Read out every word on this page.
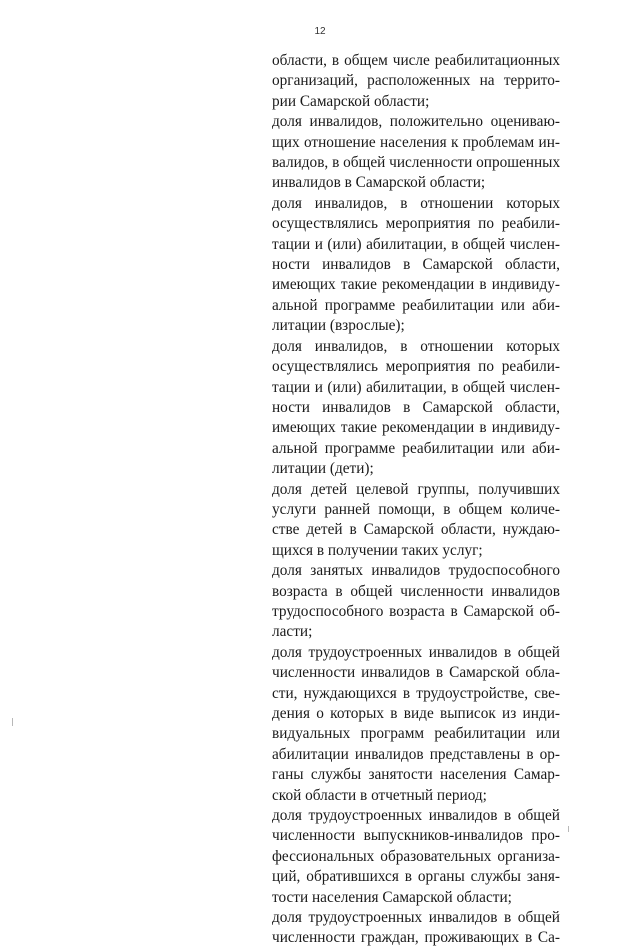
12
области, в общем числе реабилитационных
организаций, расположенных на террито-
рии Самарской области;
доля инвалидов, положительно оцениваю-
щих отношение населения к проблемам ин-
валидов, в общей численности опрошенных
инвалидов в Самарской области;
доля инвалидов, в отношении которых
осуществлялись мероприятия по реабили-
тации и (или) абилитации, в общей числен-
ности инвалидов в Самарской области,
имеющих такие рекомендации в индивиду-
альной программе реабилитации или аби-
литации (взрослые);
доля инвалидов, в отношении которых
осуществлялись мероприятия по реабили-
тации и (или) абилитации, в общей числен-
ности инвалидов в Самарской области,
имеющих такие рекомендации в индивиду-
альной программе реабилитации или аби-
литации (дети);
доля детей целевой группы, получивших
услуги ранней помощи, в общем количе-
стве детей в Самарской области, нуждаю-
щихся в получении таких услуг;
доля занятых инвалидов трудоспособного
возраста в общей численности инвалидов
трудоспособного возраста в Самарской об-
ласти;
доля трудоустроенных инвалидов в общей
численности инвалидов в Самарской обла-
сти, нуждающихся в трудоустройстве, све-
дения о которых в виде выписок из инди-
видуальных программ реабилитации или
абилитации инвалидов представлены в ор-
ганы службы занятости населения Самар-
ской области в отчетный период;
доля трудоустроенных инвалидов в общей
численности выпускников-инвалидов про-
фессиональных образовательных организа-
ций, обратившихся в органы службы заня-
тости населения Самарской области;
доля трудоустроенных инвалидов в общей
численности граждан, проживающих в Са-
